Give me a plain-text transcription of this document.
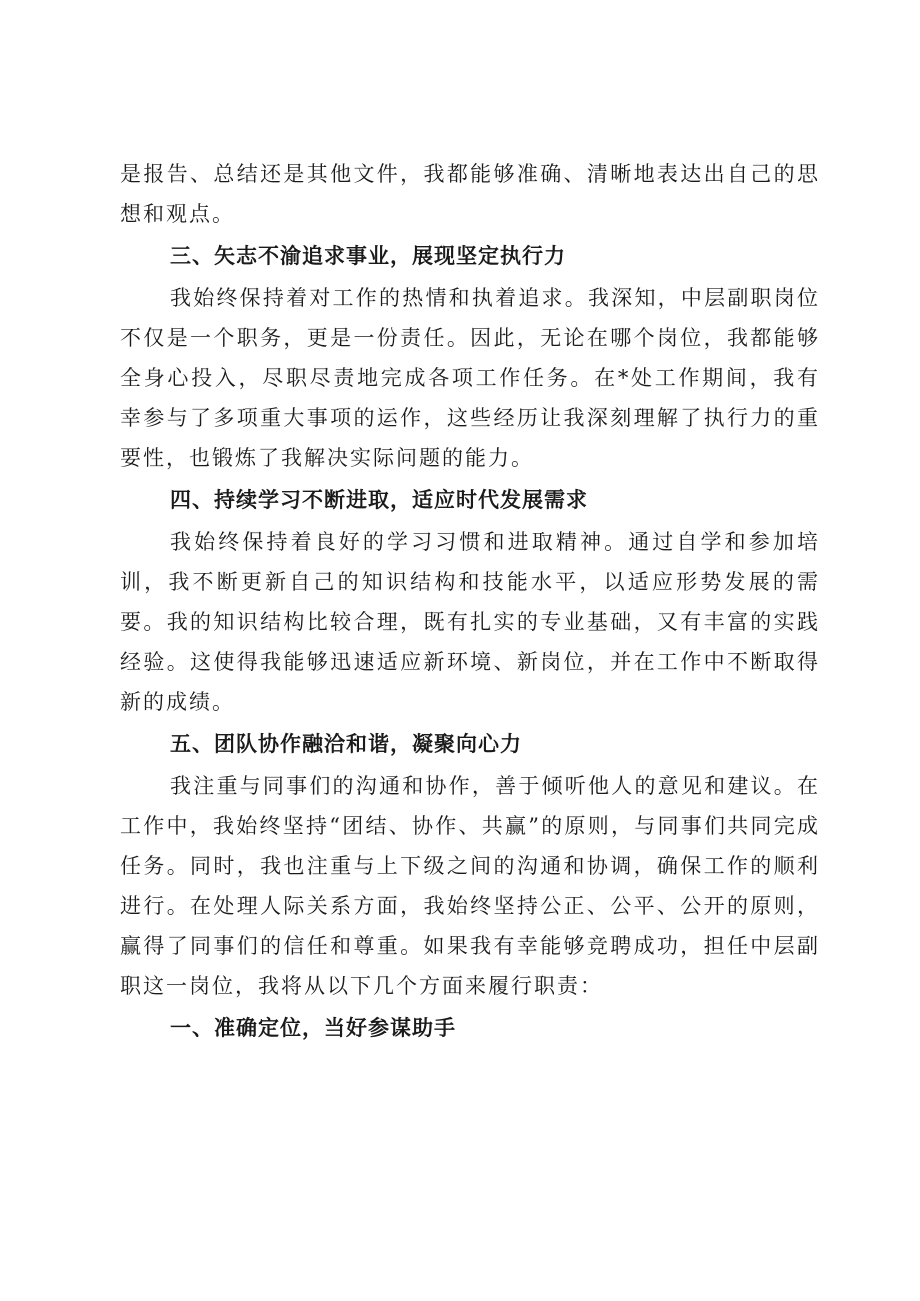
是报告、总结还是其他文件，我都能够准确、清晰地表达出自己的思想和观点。

三、矢志不渝追求事业，展现坚定执行力

我始终保持着对工作的热情和执着追求。我深知，中层副职岗位不仅是一个职务，更是一份责任。因此，无论在哪个岗位，我都能够全身心投入，尽职尽责地完成各项工作任务。在*处工作期间，我有幸参与了多项重大事项的运作，这些经历让我深刻理解了执行力的重要性，也锻炼了我解决实际问题的能力。

四、持续学习不断进取，适应时代发展需求

我始终保持着良好的学习习惯和进取精神。通过自学和参加培训，我不断更新自己的知识结构和技能水平，以适应形势发展的需要。我的知识结构比较合理，既有扎实的专业基础，又有丰富的实践经验。这使得我能够迅速适应新环境、新岗位，并在工作中不断取得新的成绩。

五、团队协作融洽和谐，凝聚向心力

我注重与同事们的沟通和协作，善于倾听他人的意见和建议。在工作中，我始终坚持“团结、协作、共赢”的原则，与同事们共同完成任务。同时，我也注重与上下级之间的沟通和协调，确保工作的顺利进行。在处理人际关系方面，我始终坚持公正、公平、公开的原则，赢得了同事们的信任和尊重。如果我有幸能够竞聘成功，担任中层副职这一岗位，我将从以下几个方面来履行职责：

一、准确定位，当好参谋助手
